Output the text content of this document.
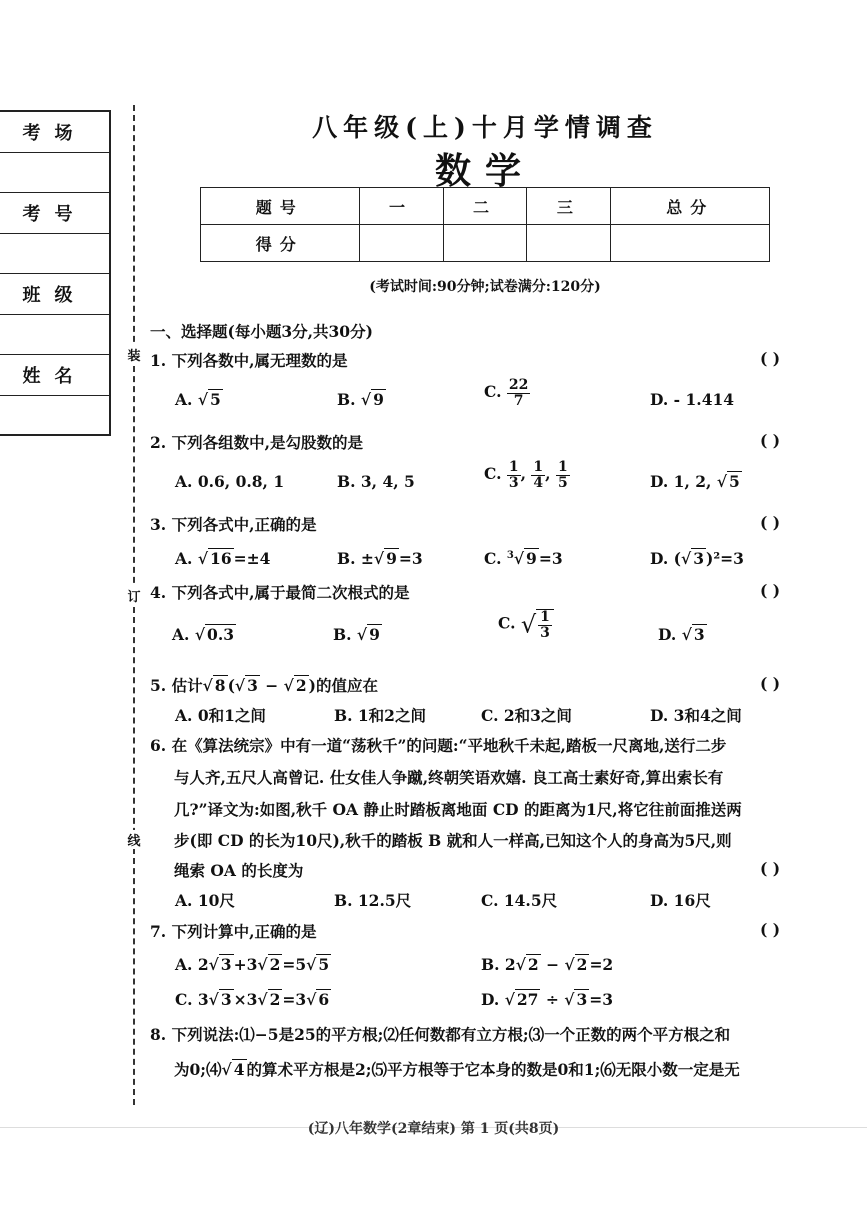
考场
考号
班级
姓名
装
订
线
八年级(上)十月学情调查
数学
题号	一	二	三	总分
得分				
(考试时间:90分钟;试卷满分:120分)
一、选择题(每小题3分,共30分)
1. 下列各数中,属无理数的是	( )
A. √ 5	B. √ 9	C. $\frac{22}{7}$	D. - 1.414
2. 下列各组数中,是勾股数的是	( )
A. 0.6, 0.8, 1	B. 3, 4, 5	C. $\frac{1}{3}$ , $\frac{1}{4}$ , $\frac{1}{5}$	D. 1, 2, √ 5
3. 下列各式中,正确的是	( )
A. √ 16 =±4	B. ±√ 9 =3	C. $^3$√ 9 =3	D. (√ 3 )²=3
4. 下列各式中,属于最简二次根式的是	( )
A. √ 0.3	B. √ 9
C. √ $\frac{1}{3}$	D. √ 3
5. 估计√ 8 (√ 3 − √ 2 )的值应在	( )
A. 0和1之间	B. 1和2之间	C. 2和3之间	D. 3和4之间
6. 在《算法统宗》中有一道“荡秋千”的问题:“平地秋千未起,踏板一尺离地,送行二步
与人齐,五尺人高曾记. 仕女佳人争蹴,终朝笑语欢嬉. 良工高士素好奇,算出索长有
几?”译文为:如图,秋千 OA 静止时踏板离地面 CD 的距离为1尺,将它往前面推送两
步(即 CD 的长为10尺),秋千的踏板 B 就和人一样高,已知这个人的身高为5尺,则
绳索 OA 的长度为	( )
A. 10尺	B. 12.5尺	C. 14.5尺	D. 16尺
7. 下列计算中,正确的是	( )
A. 2√ 3 +3√ 2 =5√ 5	B. 2√ 2 − √ 2 =2
C. 3√ 3 ×3√ 2 =3√ 6	D. √ 27 ÷ √ 3 =3
8. 下列说法:⑴−5是25的平方根;⑵任何数都有立方根;⑶一个正数的两个平方根之和
为0;⑷√ 4 的算术平方根是2;⑸平方根等于它本身的数是0和1;⑹无限小数一定是无
(辽)八年数学(2章结束) 第 1 页(共8页)
